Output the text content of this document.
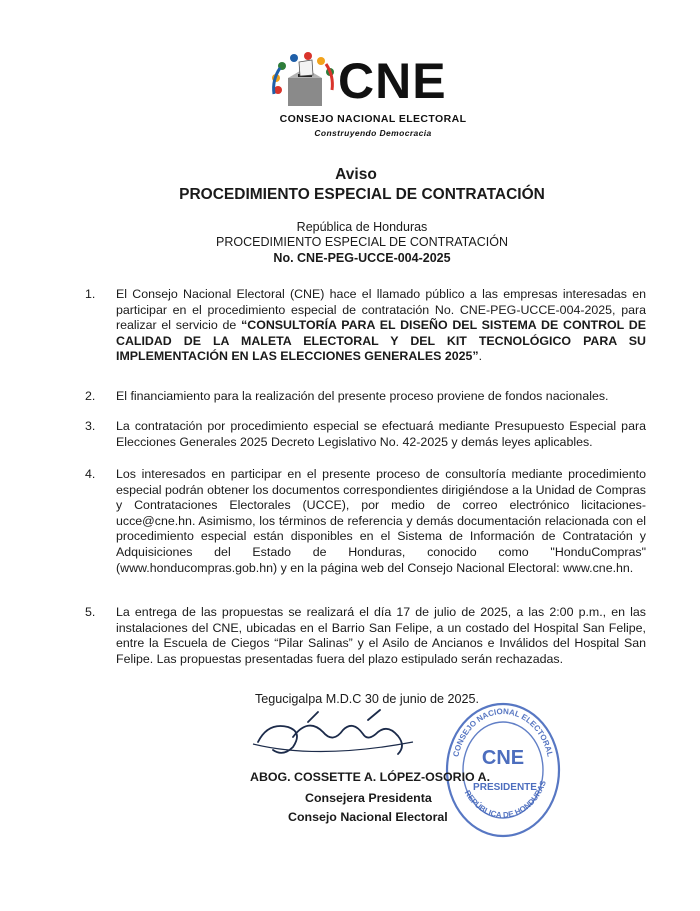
CNE
CONSEJO NACIONAL ELECTORAL
Construyendo Democracia
Aviso
PROCEDIMIENTO ESPECIAL DE CONTRATACIÓN
República de Honduras
PROCEDIMIENTO ESPECIAL DE CONTRATACIÓN
No. CNE-PEG-UCCE-004-2025
1. El Consejo Nacional Electoral (CNE) hace el llamado público a las empresas interesadas en participar en el procedimiento especial de contratación No. CNE-PEG-UCCE-004-2025, para realizar el servicio de “CONSULTORÍA PARA EL DISEÑO DEL SISTEMA DE CONTROL DE CALIDAD DE LA MALETA ELECTORAL Y DEL KIT TECNOLÓGICO PARA SU IMPLEMENTACIÓN EN LAS ELECCIONES GENERALES 2025”.
2. El financiamiento para la realización del presente proceso proviene de fondos nacionales.
3. La contratación por procedimiento especial se efectuará mediante Presupuesto Especial para Elecciones Generales 2025 Decreto Legislativo No. 42-2025 y demás leyes aplicables.
4. Los interesados en participar en el presente proceso de consultoría mediante procedimiento especial podrán obtener los documentos correspondientes dirigiéndose a la Unidad de Compras y Contrataciones Electorales (UCCE), por medio de correo electrónico licitaciones-ucce@cne.hn. Asimismo, los términos de referencia y demás documentación relacionada con el procedimiento especial están disponibles en el Sistema de Información de Contratación y Adquisiciones del Estado de Honduras, conocido como "HonduCompras" (www.honducompras.gob.hn) y en la página web del Consejo Nacional Electoral: www.cne.hn.
5. La entrega de las propuestas se realizará el día 17 de julio de 2025, a las 2:00 p.m., en las instalaciones del CNE, ubicadas en el Barrio San Felipe, a un costado del Hospital San Felipe, entre la Escuela de Ciegos “Pilar Salinas” y el Asilo de Ancianos e Inválidos del Hospital San Felipe. Las propuestas presentadas fuera del plazo estipulado serán rechazadas.
Tegucigalpa M.D.C 30 de junio de 2025.
CONSEJO NACIONAL ELECTORAL
REPÚBLICA DE HONDURAS
CNE
PRESIDENTE
ABOG. COSSETTE A. LÓPEZ-OSORIO A.
Consejera Presidenta
Consejo Nacional Electoral
